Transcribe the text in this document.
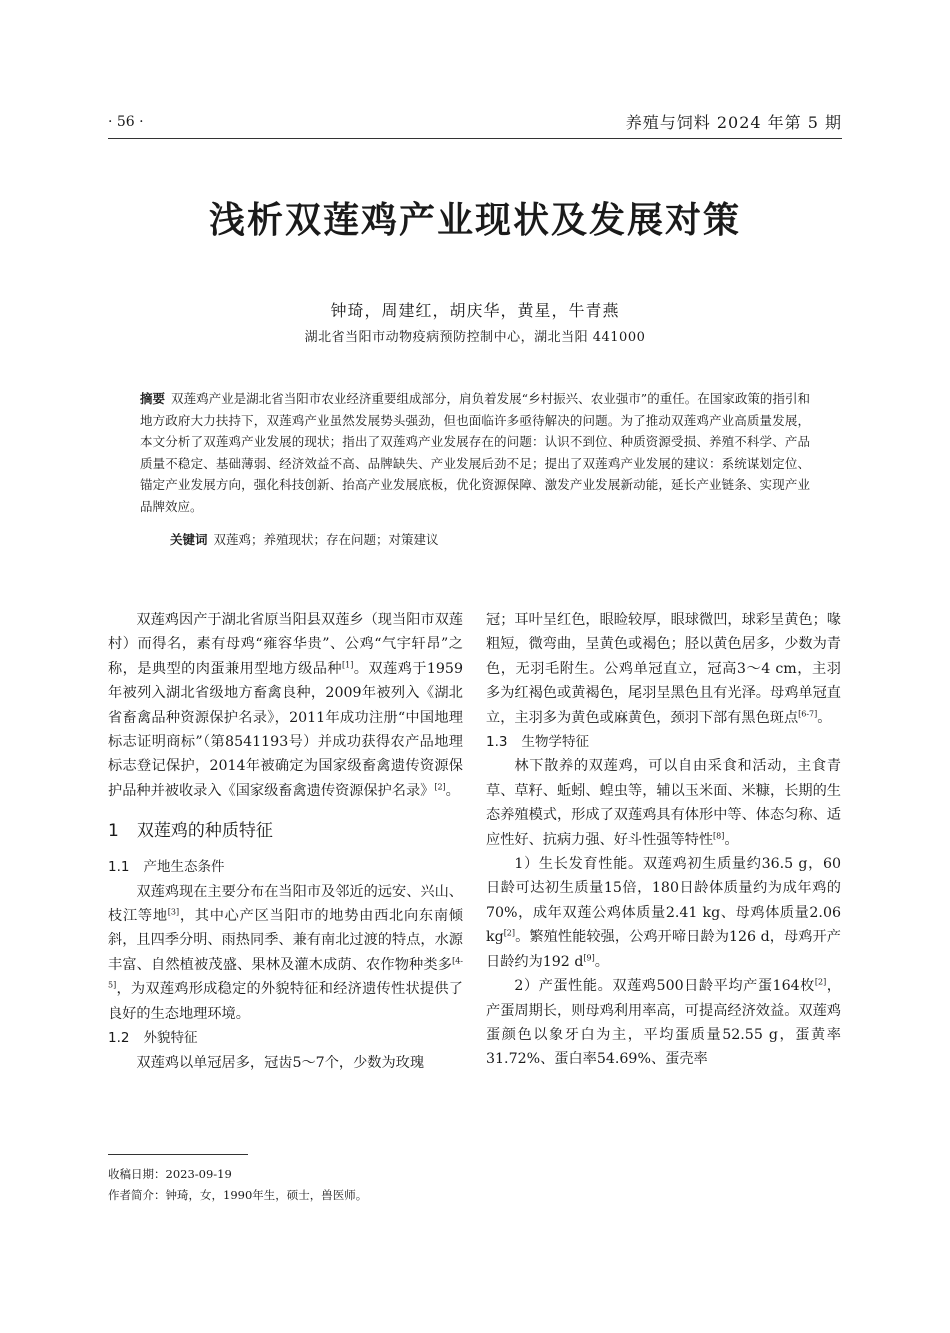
· 56 ·	养殖与饲料 2024 年第 5 期
浅析双莲鸡产业现状及发展对策
钟琦，周建红，胡庆华，黄星，牛青燕
湖北省当阳市动物疫病预防控制中心，湖北当阳 441000
摘要 双莲鸡产业是湖北省当阳市农业经济重要组成部分，肩负着发展“乡村振兴、农业强市”的重任。在国家政策的指引和地方政府大力扶持下，双莲鸡产业虽然发展势头强劲，但也面临许多亟待解决的问题。为了推动双莲鸡产业高质量发展，本文分析了双莲鸡产业发展的现状；指出了双莲鸡产业发展存在的问题：认识不到位、种质资源受损、养殖不科学、产品质量不稳定、基础薄弱、经济效益不高、品牌缺失、产业发展后劲不足；提出了双莲鸡产业发展的建议：系统谋划定位、锚定产业发展方向，强化科技创新、抬高产业发展底板，优化资源保障、激发产业发展新动能，延长产业链条、实现产业品牌效应。
关键词 双莲鸡；养殖现状；存在问题；对策建议

双莲鸡因产于湖北省原当阳县双莲乡（现当阳市双莲村）而得名，素有母鸡“雍容华贵”、公鸡“气宇轩昂”之称，是典型的肉蛋兼用型地方级品种[1]。双莲鸡于1959年被列入湖北省级地方畜禽良种，2009年被列入《湖北省畜禽品种资源保护名录》，2011年成功注册“中国地理标志证明商标”（第8541193号）并成功获得农产品地理标志登记保护，2014年被确定为国家级畜禽遗传资源保护品种并被收录入《国家级畜禽遗传资源保护名录》[2]。

1 双莲鸡的种质特征
1.1 产地生态条件

双莲鸡现在主要分布在当阳市及邻近的远安、兴山、枝江等地[3]，其中心产区当阳市的地势由西北向东南倾斜，且四季分明、雨热同季、兼有南北过渡的特点，水源丰富、自然植被茂盛、果林及灌木成荫、农作物种类多[4-5]，为双莲鸡形成稳定的外貌特征和经济遗传性状提供了良好的生态地理环境。

1.2 外貌特征

双莲鸡以单冠居多，冠齿5～7个，少数为玫瑰

冠；耳叶呈红色，眼睑较厚，眼球微凹，球彩呈黄色；喙粗短，微弯曲，呈黄色或褐色；胫以黄色居多，少数为青色，无羽毛附生。公鸡单冠直立，冠高3～4 cm，主羽多为红褐色或黄褐色，尾羽呈黑色且有光泽。母鸡单冠直立，主羽多为黄色或麻黄色，颈羽下部有黑色斑点[6-7]。

1.3 生物学特征

林下散养的双莲鸡，可以自由采食和活动，主食青草、草籽、蚯蚓、蝗虫等，辅以玉米面、米糠，长期的生态养殖模式，形成了双莲鸡具有体形中等、体态匀称、适应性好、抗病力强、好斗性强等特性[8]。

1）生长发育性能。双莲鸡初生质量约36.5 g，60日龄可达初生质量15倍，180日龄体质量约为成年鸡的70%，成年双莲公鸡体质量2.41 kg、母鸡体质量2.06 kg[2]。繁殖性能较强，公鸡开啼日龄为126 d，母鸡开产日龄约为192 d[9]。

2）产蛋性能。双莲鸡500日龄平均产蛋164枚[2]，产蛋周期长，则母鸡利用率高，可提高经济效益。双莲鸡蛋颜色以象牙白为主，平均蛋质量52.55 g，蛋黄率31.72%、蛋白率54.69%、蛋壳率

收稿日期：2023-09-19
作者简介：钟琦，女，1990年生，硕士，兽医师。
